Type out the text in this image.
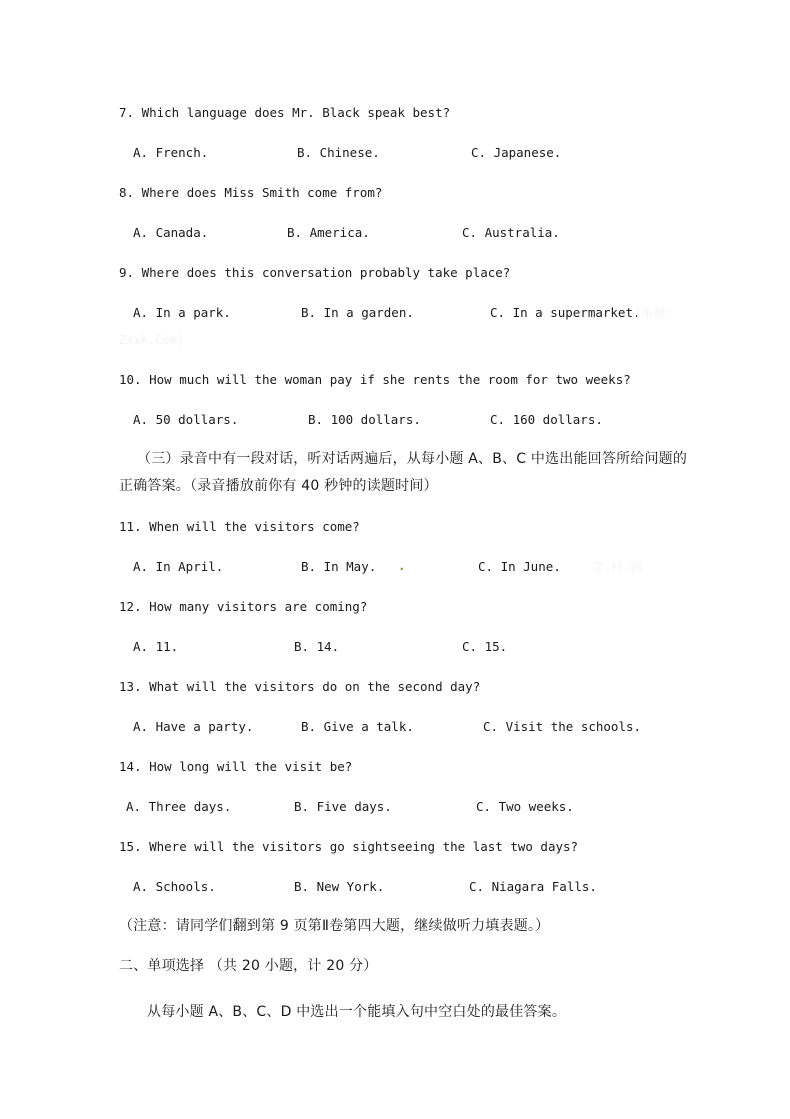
7. Which language does Mr. Black speak best?
A. French.	B. Chinese.	C. Japanese.
8. Where does Miss Smith come from?
A. Canada.	B. America.	C. Australia.
9. Where does this conversation probably take place?
A. In a park.	B. In a garden.	C. In a supermarket.
(来源:
Zxxk.Com)
10. How much will the woman pay if she rents the room for two weeks?
A. 50 dollars.	B. 100 dollars.	C. 160 dollars.
（三）录音中有一段对话，听对话两遍后，从每小题 A、B、C 中选出能回答所给问题的
正确答案。（录音播放前你有 40 秒钟的读题时间）
11. When will the visitors come?
A. In April.	B. In May. .	C. In June.	学.科.网
12. How many visitors are coming?
A. 11.	B. 14.	C. 15.
13. What will the visitors do on the second day?
A. Have a party.	B. Give a talk.	C. Visit the schools.
14. How long will the visit be?
A. Three days.	B. Five days.	C. Two weeks.
15. Where will the visitors go sightseeing the last two days?
A. Schools.	B. New York.	C. Niagara Falls.
（注意：请同学们翻到第 9 页第Ⅱ卷第四大题，继续做听力填表题。）
二、单项选择 （共 20 小题，计 20 分）
从每小题 A、B、C、D 中选出一个能填入句中空白处的最佳答案。
